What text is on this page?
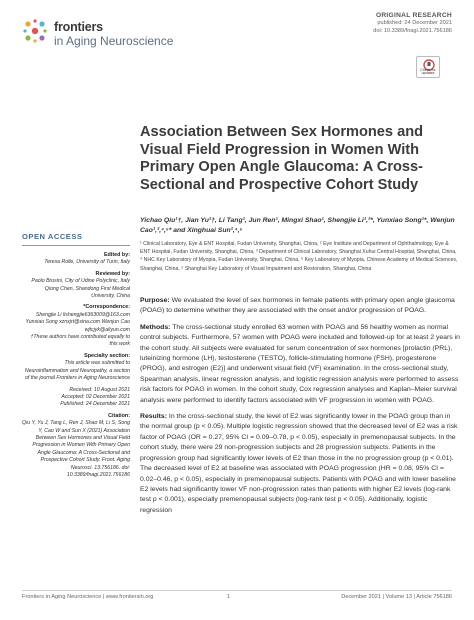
frontiers
in Aging Neuroscience
ORIGINAL RESEARCH
published: 24 December 2021
doi: 10.3389/fnagi.2021.756186
Check for updates
Association Between Sex Hormones and Visual Field Progression in Women With Primary Open Angle Glaucoma: A Cross-Sectional and Prospective Cohort Study
Yichao Qiu¹†, Jian Yu²†, Li Tang¹, Jun Ren¹, Mingxi Shao¹, Shengjie Li¹,²*, Yunxiao Song¹*, Wenjun Cao¹,²,⁴,⁵* and Xinghuai Sun²,⁴,⁵
¹ Clinical Laboratory, Eye & ENT Hospital, Fudan University, Shanghai, China, ² Eye Institute and Department of Ophthalmology, Eye & ENT Hospital, Fudan University, Shanghai, China, ³ Department of Clinical Laboratory, Shanghai Xuhui Central Hospital, Shanghai, China, ⁴ NHC Key Laboratory of Myopia, Fudan University, Shanghai, China, ⁵ Key Laboratory of Myopia, Chinese Academy of Medical Sciences, Shanghai, China, ⁵ Shanghai Key Laboratory of Visual Impairment and Restoration, Shanghai, China
OPEN ACCESS
Edited by:
Teresa Rolle, University of Turin, Italy
Reviewed by:
Paolo Brusini, City of Udine Polyclinic, Italy Qiong Chen, Shandong First Medical University, China
*Correspondence:
Shengjie Li lishengjie6363009@163.com Yunxiao Song xznxjrt@sina.com Wenjun Cao wjtcjyk@aliyun.com
†These authors have contributed equally to this work
Specialty section:
This article was submitted to Neuroinflammation and Neuropathy, a section of the journal Frontiers in Aging Neuroscience
Received: 10 August 2021
Accepted: 02 December 2021
Published: 24 December 2021
Citation:
Qiu Y, Yu J, Tang L, Ren J, Shao M, Li S, Song Y, Cao W and Sun X (2021) Association Between Sex Hormones and Visual Field Progression in Women With Primary Open Angle Glaucoma: A Cross-Sectional and Prospective Cohort Study. Front. Aging Neurosci. 13:756186. doi: 10.3389/fnagi.2021.756186

Purpose: We evaluated the level of sex hormones in female patients with primary open angle glaucoma (POAG) to determine whether they are associated with the onset and/or progression of POAG.

Methods: The cross-sectional study enrolled 63 women with POAG and 56 healthy women as normal control subjects. Furthermore, 57 women with POAG were included and followed-up for at least 2 years in the cohort study. All subjects were evaluated for serum concentration of sex hormones [prolactin (PRL), luteinizing hormone (LH), testosterone (TESTO), follicle-stimulating hormone (FSH), progesterone (PROG), and estrogen (E2)] and underwent visual field (VF) examination. In the cross-sectional study, Spearman analysis, linear regression analysis, and logistic regression analysis were performed to assess risk factors for POAG in women. In the cohort study, Cox regression analyses and Kaplan–Meier survival analysis were performed to identify factors associated with VF progression in women with POAG.

Results: In the cross-sectional study, the level of E2 was significantly lower in the POAG group than in the normal group (p < 0.05). Multiple logistic regression showed that the decreased level of E2 was a risk factor of POAG (OR = 0.27, 95% CI = 0.09–0.78, p < 0.05), especially in premenopausal subjects. In the cohort study, there were 29 non-progression subjects and 28 progression subjects. Patients in the progression group had significantly lower levels of E2 than those in the no progression group (p < 0.01). The decreased level of E2 at baseline was associated with POAG progression (HR = 0.08, 95% CI = 0.02–0.46, p < 0.05), especially in premenopausal subjects. Patients with POAG and with lower baseline E2 levels had significantly lower VF non-progression rates than patients with higher E2 levels (log-rank test p < 0.001), especially premenopausal subjects (log-rank test p < 0.05). Additionally, logistic regression

Frontiers in Aging Neuroscience | www.frontiersin.org	1	December 2021 | Volume 13 | Article 756186
